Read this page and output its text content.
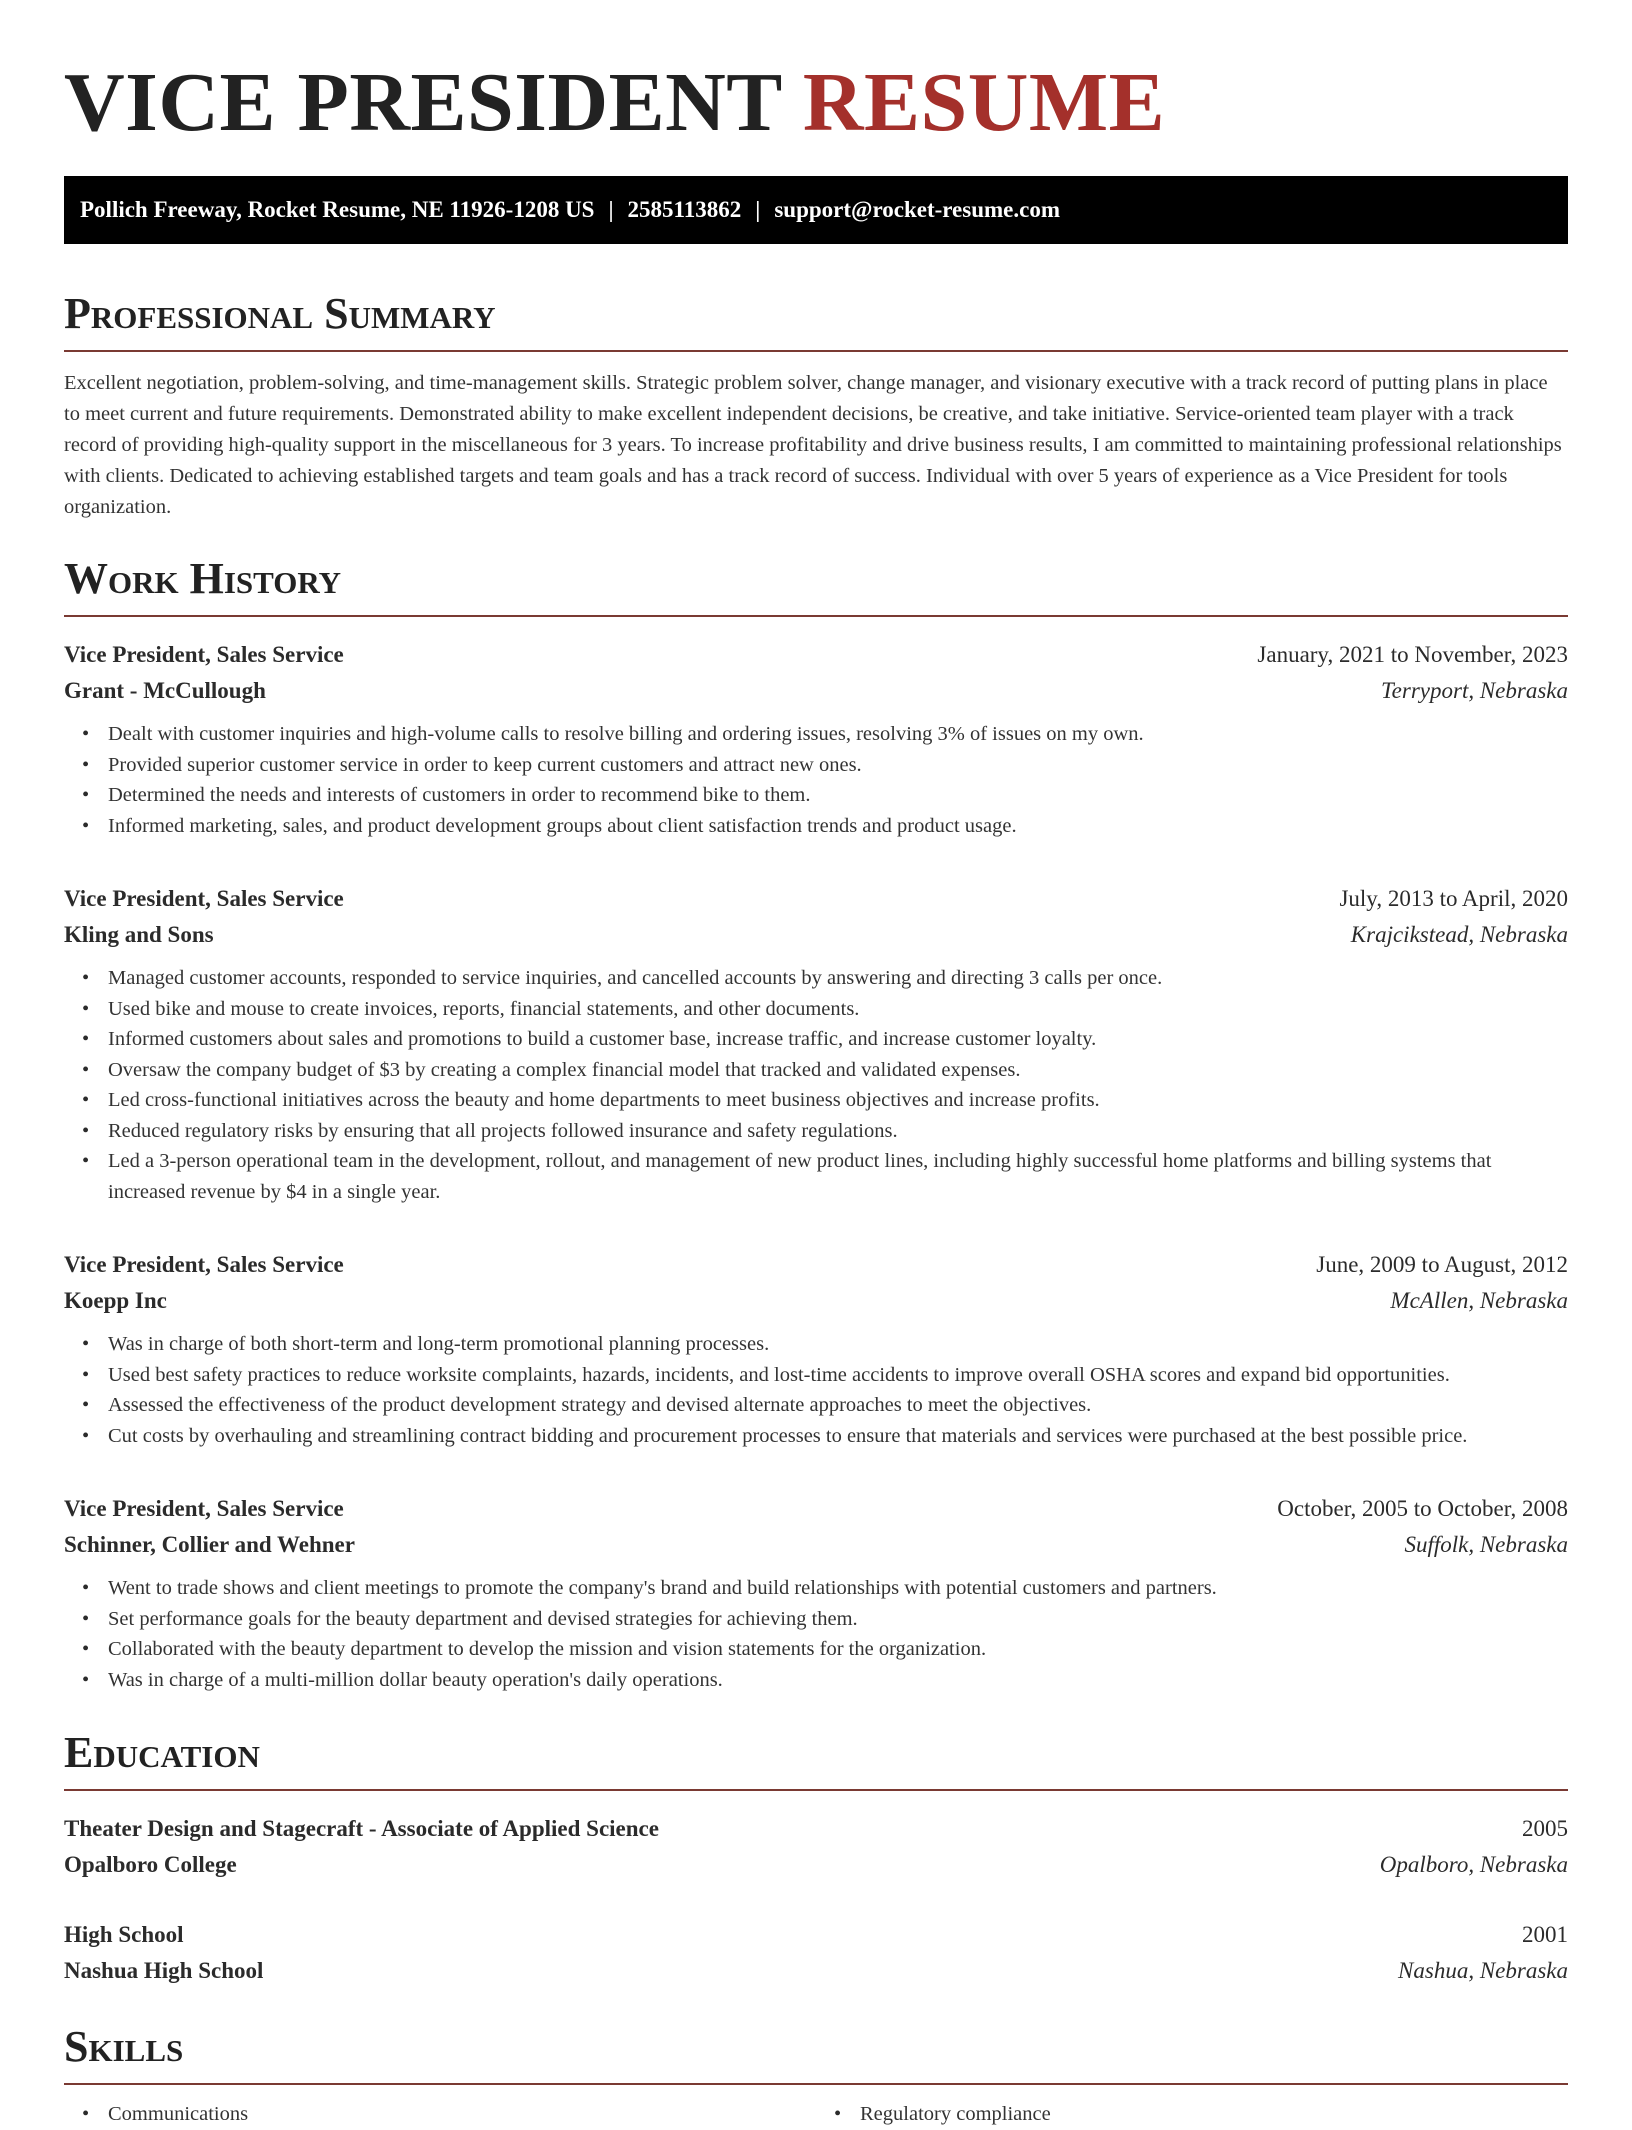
VICE PRESIDENT RESUME
Pollich Freeway, Rocket Resume, NE 11926-1208 US | 2585113862 | support@rocket-resume.com
Professional Summary

Excellent negotiation, problem-solving, and time-management skills. Strategic problem solver, change manager, and visionary executive with a track record of putting plans in place to meet current and future requirements. Demonstrated ability to make excellent independent decisions, be creative, and take initiative. Service-oriented team player with a track record of providing high-quality support in the miscellaneous for 3 years. To increase profitability and drive business results, I am committed to maintaining professional relationships with clients. Dedicated to achieving established targets and team goals and has a track record of success. Individual with over 5 years of experience as a Vice President for tools organization.

Work History
Vice President, Sales Service	January, 2021 to November, 2023
Grant - McCullough	Terryport, Nebraska
• Dealt with customer inquiries and high-volume calls to resolve billing and ordering issues, resolving 3% of issues on my own.
• Provided superior customer service in order to keep current customers and attract new ones.
• Determined the needs and interests of customers in order to recommend bike to them.
• Informed marketing, sales, and product development groups about client satisfaction trends and product usage.
Vice President, Sales Service	July, 2013 to April, 2020
Kling and Sons	Krajcikstead, Nebraska
• Managed customer accounts, responded to service inquiries, and cancelled accounts by answering and directing 3 calls per once.
• Used bike and mouse to create invoices, reports, financial statements, and other documents.
• Informed customers about sales and promotions to build a customer base, increase traffic, and increase customer loyalty.
• Oversaw the company budget of $3 by creating a complex financial model that tracked and validated expenses.
• Led cross-functional initiatives across the beauty and home departments to meet business objectives and increase profits.
• Reduced regulatory risks by ensuring that all projects followed insurance and safety regulations.
• Led a 3-person operational team in the development, rollout, and management of new product lines, including highly successful home platforms and billing systems that increased revenue by $4 in a single year.
Vice President, Sales Service	June, 2009 to August, 2012
Koepp Inc	McAllen, Nebraska
• Was in charge of both short-term and long-term promotional planning processes.
• Used best safety practices to reduce worksite complaints, hazards, incidents, and lost-time accidents to improve overall OSHA scores and expand bid opportunities.
• Assessed the effectiveness of the product development strategy and devised alternate approaches to meet the objectives.
• Cut costs by overhauling and streamlining contract bidding and procurement processes to ensure that materials and services were purchased at the best possible price.
Vice President, Sales Service	October, 2005 to October, 2008
Schinner, Collier and Wehner	Suffolk, Nebraska
• Went to trade shows and client meetings to promote the company's brand and build relationships with potential customers and partners.
• Set performance goals for the beauty department and devised strategies for achieving them.
• Collaborated with the beauty department to develop the mission and vision statements for the organization.
• Was in charge of a multi-million dollar beauty operation's daily operations.
Education
Theater Design and Stagecraft - Associate of Applied Science	2005
Opalboro College	Opalboro, Nebraska
High School	2001
Nashua High School	Nashua, Nebraska
Skills
• Communications
•	Regulatory compliance
